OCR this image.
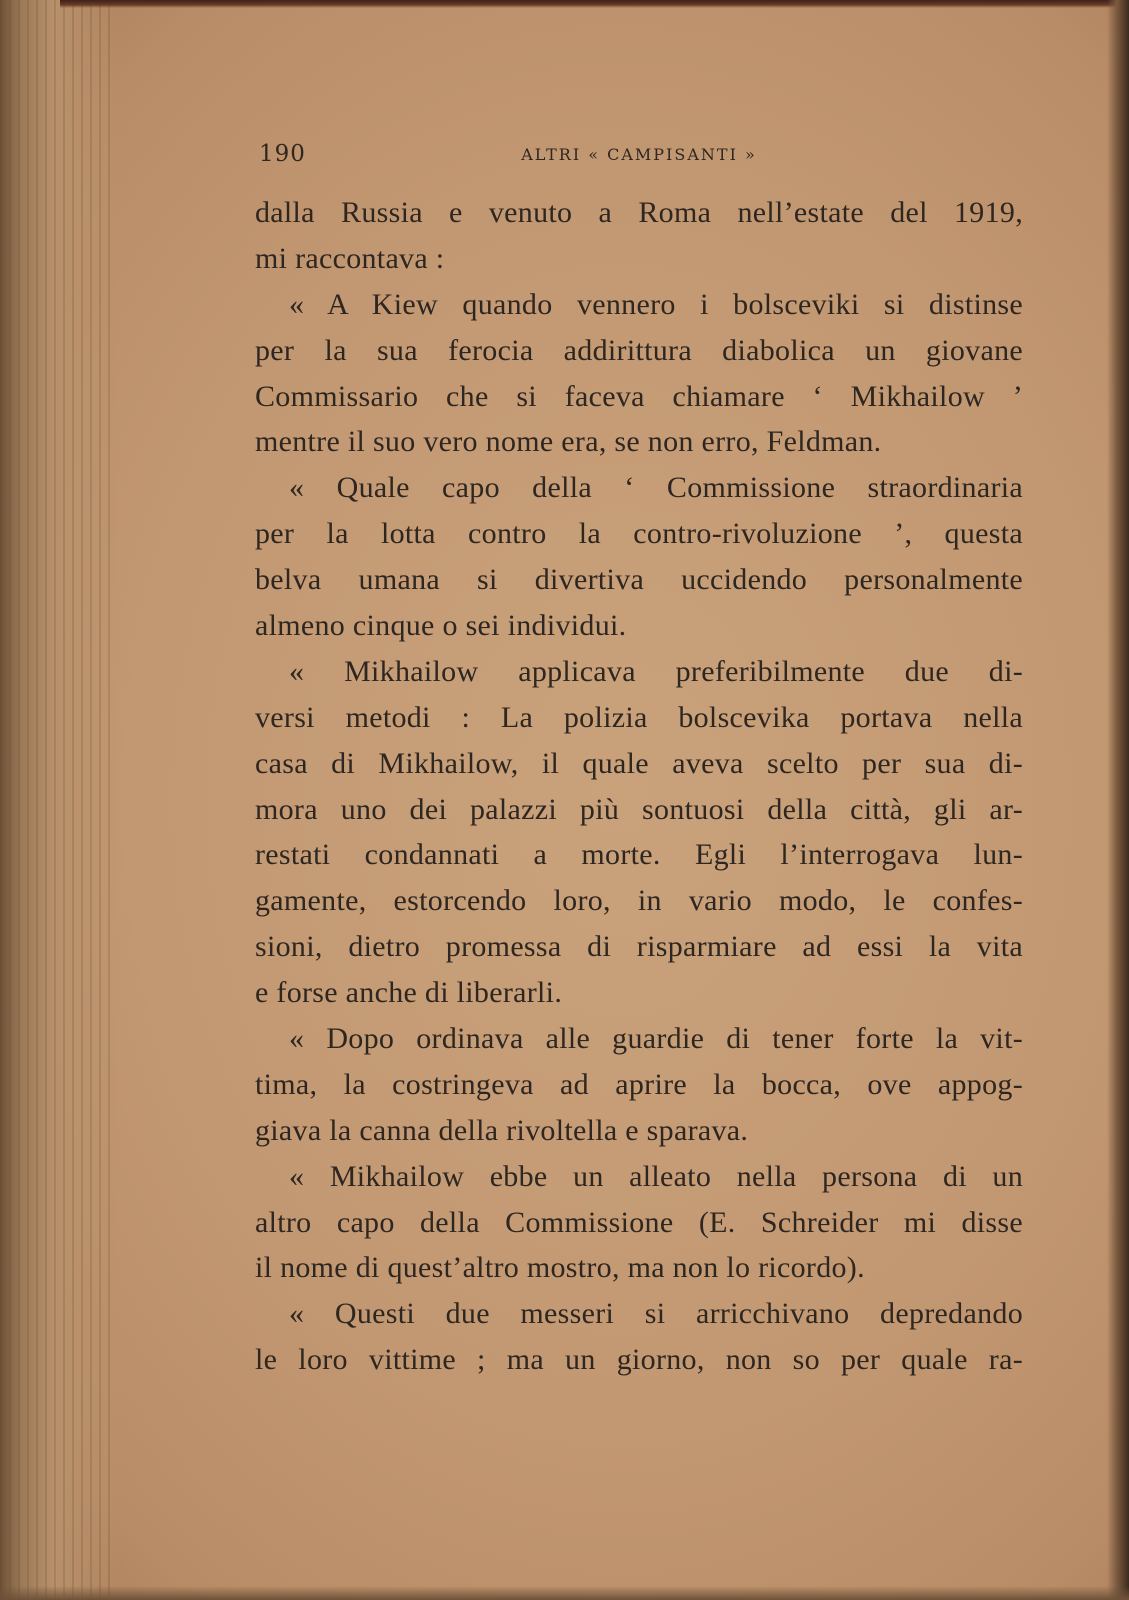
190	ALTRI « CAMPISANTI »
dalla Russia e venuto a Roma nell’estate del 1919,
mi raccontava :
« A Kiew quando vennero i bolsceviki si distinse
per la sua ferocia addirittura diabolica un giovane
Commissario che si faceva chiamare ‘ Mikhailow ’
mentre il suo vero nome era, se non erro, Feldman.
« Quale capo della ‘ Commissione straordinaria
per la lotta contro la contro-rivoluzione ’, questa
belva umana si divertiva uccidendo personalmente
almeno cinque o sei individui.
« Mikhailow applicava preferibilmente due di-
versi metodi : La polizia bolscevika portava nella
casa di Mikhailow, il quale aveva scelto per sua di-
mora uno dei palazzi più sontuosi della città, gli ar-
restati condannati a morte. Egli l’interrogava lun-
gamente, estorcendo loro, in vario modo, le confes-
sioni, dietro promessa di risparmiare ad essi la vita
e forse anche di liberarli.
« Dopo ordinava alle guardie di tener forte la vit-
tima, la costringeva ad aprire la bocca, ove appog-
giava la canna della rivoltella e sparava.
« Mikhailow ebbe un alleato nella persona di un
altro capo della Commissione (E. Schreider mi disse
il nome di quest’altro mostro, ma non lo ricordo).
« Questi due messeri si arricchivano depredando
le loro vittime ; ma un giorno, non so per quale ra-
